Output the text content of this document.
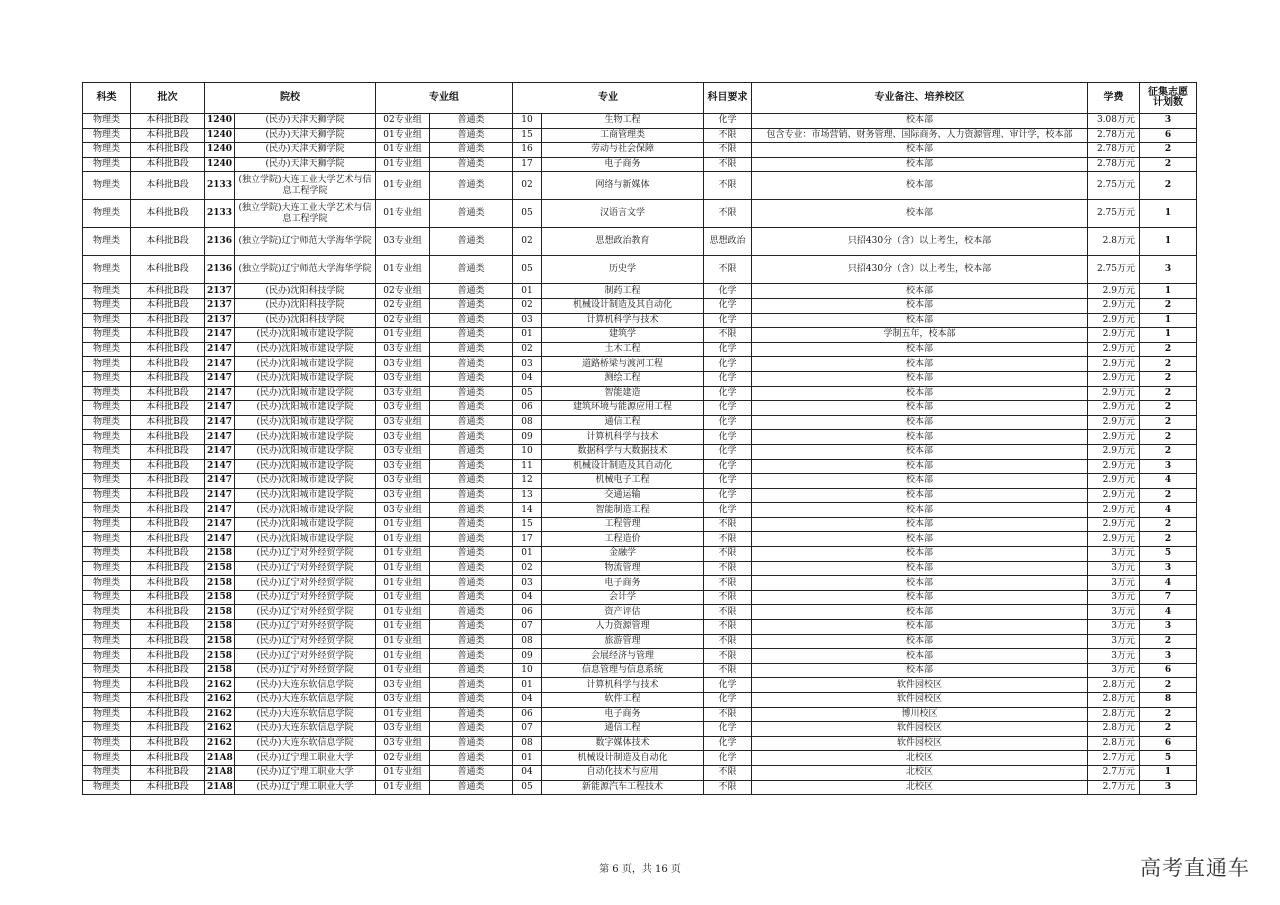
科类	批次	院校		专业组		专业		科目要求	专业备注、培养校区	学费	征集志愿
计划数
物理类	本科批B段	1240	(民办)天津天狮学院	02专业组	普通类	10	生物工程	化学	校本部	3.08万元	3
物理类	本科批B段	1240	(民办)天津天狮学院	01专业组	普通类	15	工商管理类	不限	包含专业：市场营销、财务管理、国际商务、人力资源管理、审计学，校本部	2.78万元	6
物理类	本科批B段	1240	(民办)天津天狮学院	01专业组	普通类	16	劳动与社会保障	不限	校本部	2.78万元	2
物理类	本科批B段	1240	(民办)天津天狮学院	01专业组	普通类	17	电子商务	不限	校本部	2.78万元	2
物理类	本科批B段	2133	(独立学院)大连工业大学艺术与信息工程学院	01专业组	普通类	02	网络与新媒体	不限	校本部	2.75万元	2
物理类	本科批B段	2133	(独立学院)大连工业大学艺术与信息工程学院	01专业组	普通类	05	汉语言文学	不限	校本部	2.75万元	1
物理类	本科批B段	2136	(独立学院)辽宁师范大学海华学院	03专业组	普通类	02	思想政治教育	思想政治	只招430分（含）以上考生，校本部	2.8万元	1
物理类	本科批B段	2136	(独立学院)辽宁师范大学海华学院	01专业组	普通类	05	历史学	不限	只招430分（含）以上考生，校本部	2.75万元	3
物理类	本科批B段	2137	(民办)沈阳科技学院	02专业组	普通类	01	制药工程	化学	校本部	2.9万元	1
物理类	本科批B段	2137	(民办)沈阳科技学院	02专业组	普通类	02	机械设计制造及其自动化	化学	校本部	2.9万元	2
物理类	本科批B段	2137	(民办)沈阳科技学院	02专业组	普通类	03	计算机科学与技术	化学	校本部	2.9万元	1
物理类	本科批B段	2147	(民办)沈阳城市建设学院	01专业组	普通类	01	建筑学	不限	学制五年，校本部	2.9万元	1
物理类	本科批B段	2147	(民办)沈阳城市建设学院	03专业组	普通类	02	土木工程	化学	校本部	2.9万元	2
物理类	本科批B段	2147	(民办)沈阳城市建设学院	03专业组	普通类	03	道路桥梁与渡河工程	化学	校本部	2.9万元	2
物理类	本科批B段	2147	(民办)沈阳城市建设学院	03专业组	普通类	04	测绘工程	化学	校本部	2.9万元	2
物理类	本科批B段	2147	(民办)沈阳城市建设学院	03专业组	普通类	05	智能建造	化学	校本部	2.9万元	2
物理类	本科批B段	2147	(民办)沈阳城市建设学院	03专业组	普通类	06	建筑环境与能源应用工程	化学	校本部	2.9万元	2
物理类	本科批B段	2147	(民办)沈阳城市建设学院	03专业组	普通类	08	通信工程	化学	校本部	2.9万元	2
物理类	本科批B段	2147	(民办)沈阳城市建设学院	03专业组	普通类	09	计算机科学与技术	化学	校本部	2.9万元	2
物理类	本科批B段	2147	(民办)沈阳城市建设学院	03专业组	普通类	10	数据科学与大数据技术	化学	校本部	2.9万元	2
物理类	本科批B段	2147	(民办)沈阳城市建设学院	03专业组	普通类	11	机械设计制造及其自动化	化学	校本部	2.9万元	3
物理类	本科批B段	2147	(民办)沈阳城市建设学院	03专业组	普通类	12	机械电子工程	化学	校本部	2.9万元	4
物理类	本科批B段	2147	(民办)沈阳城市建设学院	03专业组	普通类	13	交通运输	化学	校本部	2.9万元	2
物理类	本科批B段	2147	(民办)沈阳城市建设学院	03专业组	普通类	14	智能制造工程	化学	校本部	2.9万元	4
物理类	本科批B段	2147	(民办)沈阳城市建设学院	01专业组	普通类	15	工程管理	不限	校本部	2.9万元	2
物理类	本科批B段	2147	(民办)沈阳城市建设学院	01专业组	普通类	17	工程造价	不限	校本部	2.9万元	2
物理类	本科批B段	2158	(民办)辽宁对外经贸学院	01专业组	普通类	01	金融学	不限	校本部	3万元	5
物理类	本科批B段	2158	(民办)辽宁对外经贸学院	01专业组	普通类	02	物流管理	不限	校本部	3万元	3
物理类	本科批B段	2158	(民办)辽宁对外经贸学院	01专业组	普通类	03	电子商务	不限	校本部	3万元	4
物理类	本科批B段	2158	(民办)辽宁对外经贸学院	01专业组	普通类	04	会计学	不限	校本部	3万元	7
物理类	本科批B段	2158	(民办)辽宁对外经贸学院	01专业组	普通类	06	资产评估	不限	校本部	3万元	4
物理类	本科批B段	2158	(民办)辽宁对外经贸学院	01专业组	普通类	07	人力资源管理	不限	校本部	3万元	3
物理类	本科批B段	2158	(民办)辽宁对外经贸学院	01专业组	普通类	08	旅游管理	不限	校本部	3万元	2
物理类	本科批B段	2158	(民办)辽宁对外经贸学院	01专业组	普通类	09	会展经济与管理	不限	校本部	3万元	3
物理类	本科批B段	2158	(民办)辽宁对外经贸学院	01专业组	普通类	10	信息管理与信息系统	不限	校本部	3万元	6
物理类	本科批B段	2162	(民办)大连东软信息学院	03专业组	普通类	01	计算机科学与技术	化学	软件园校区	2.8万元	2
物理类	本科批B段	2162	(民办)大连东软信息学院	03专业组	普通类	04	软件工程	化学	软件园校区	2.8万元	8
物理类	本科批B段	2162	(民办)大连东软信息学院	01专业组	普通类	06	电子商务	不限	博川校区	2.8万元	2
物理类	本科批B段	2162	(民办)大连东软信息学院	03专业组	普通类	07	通信工程	化学	软件园校区	2.8万元	2
物理类	本科批B段	2162	(民办)大连东软信息学院	03专业组	普通类	08	数字媒体技术	化学	软件园校区	2.8万元	6
物理类	本科批B段	21A8	(民办)辽宁理工职业大学	02专业组	普通类	01	机械设计制造及自动化	化学	北校区	2.7万元	5
物理类	本科批B段	21A8	(民办)辽宁理工职业大学	01专业组	普通类	04	自动化技术与应用	不限	北校区	2.7万元	1
物理类	本科批B段	21A8	(民办)辽宁理工职业大学	01专业组	普通类	05	新能源汽车工程技术	不限	北校区	2.7万元	3
第 6 页，共 16 页	高考直通车
